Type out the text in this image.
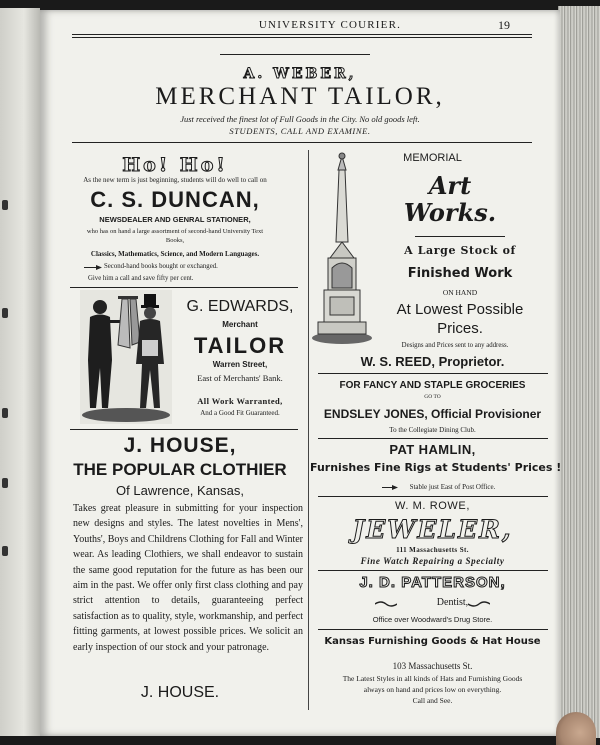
UNIVERSITY COURIER.	19
A. WEBER,
MERCHANT TAILOR,
Just received the finest lot of Full Goods in the City. No old goods left.
STUDENTS, CALL AND EXAMINE.
Ho! Ho!
As the new term is just beginning, students will do well to call on
C. S. DUNCAN,
NEWSDEALER AND GENRAL STATIONER,
who has on hand a large assortment of second-hand University Text
Books,
Classics, Mathematics, Science, and Modern Languages.
Second-hand books bought or exchanged.
Give him a call and save fifty per cent.
G. EDWARDS,
Merchant
TAILOR
Warren Street,
East of Merchants' Bank.
All Work Warranted,
And a Good Fit Guaranteed.
J. HOUSE,
THE POPULAR CLOTHIER
Of Lawrence, Kansas,
Takes great pleasure in submitting for your inspection new designs and styles. The latest novelties in Mens', Youths', Boys and Childrens Clothing for Fall and Winter wear. As leading Clothiers, we shall endeavor to sustain the same good reputation for the future as has been our aim in the past. We offer only first class clothing and pay strict attention to details, guaranteeing perfect satisfaction as to quality, style, workmanship, and perfect fitting garments, at lowest possible prices. We solicit an early inspection of our stock and your patronage.
J. HOUSE.
MEMORIAL
Art
Works.
A Large Stock of
Finished Work
ON HAND
At Lowest Possible
Prices.
Designs and Prices sent to any address.
W. S. REED, Proprietor.
FOR FANCY AND STAPLE GROCERIES
GO TO
ENDSLEY JONES, Official Provisioner
To the Collegiate Dining Club.
PAT HAMLIN,
Furnishes Fine Rigs at Students' Prices !
Stable just East of Post Office.
W. M. ROWE,
JEWELER,
111 Massachusetts St.
Fine Watch Repairing a Specialty
J. D. PATTERSON,
Dentist,
Office over Woodward's Drug Store.
Kansas Furnishing Goods & Hat House
103 Massachusetts St.
The Latest Styles in all kinds of Hats and Furnishing Goods
always on hand and prices low on everything.
Call and See.
